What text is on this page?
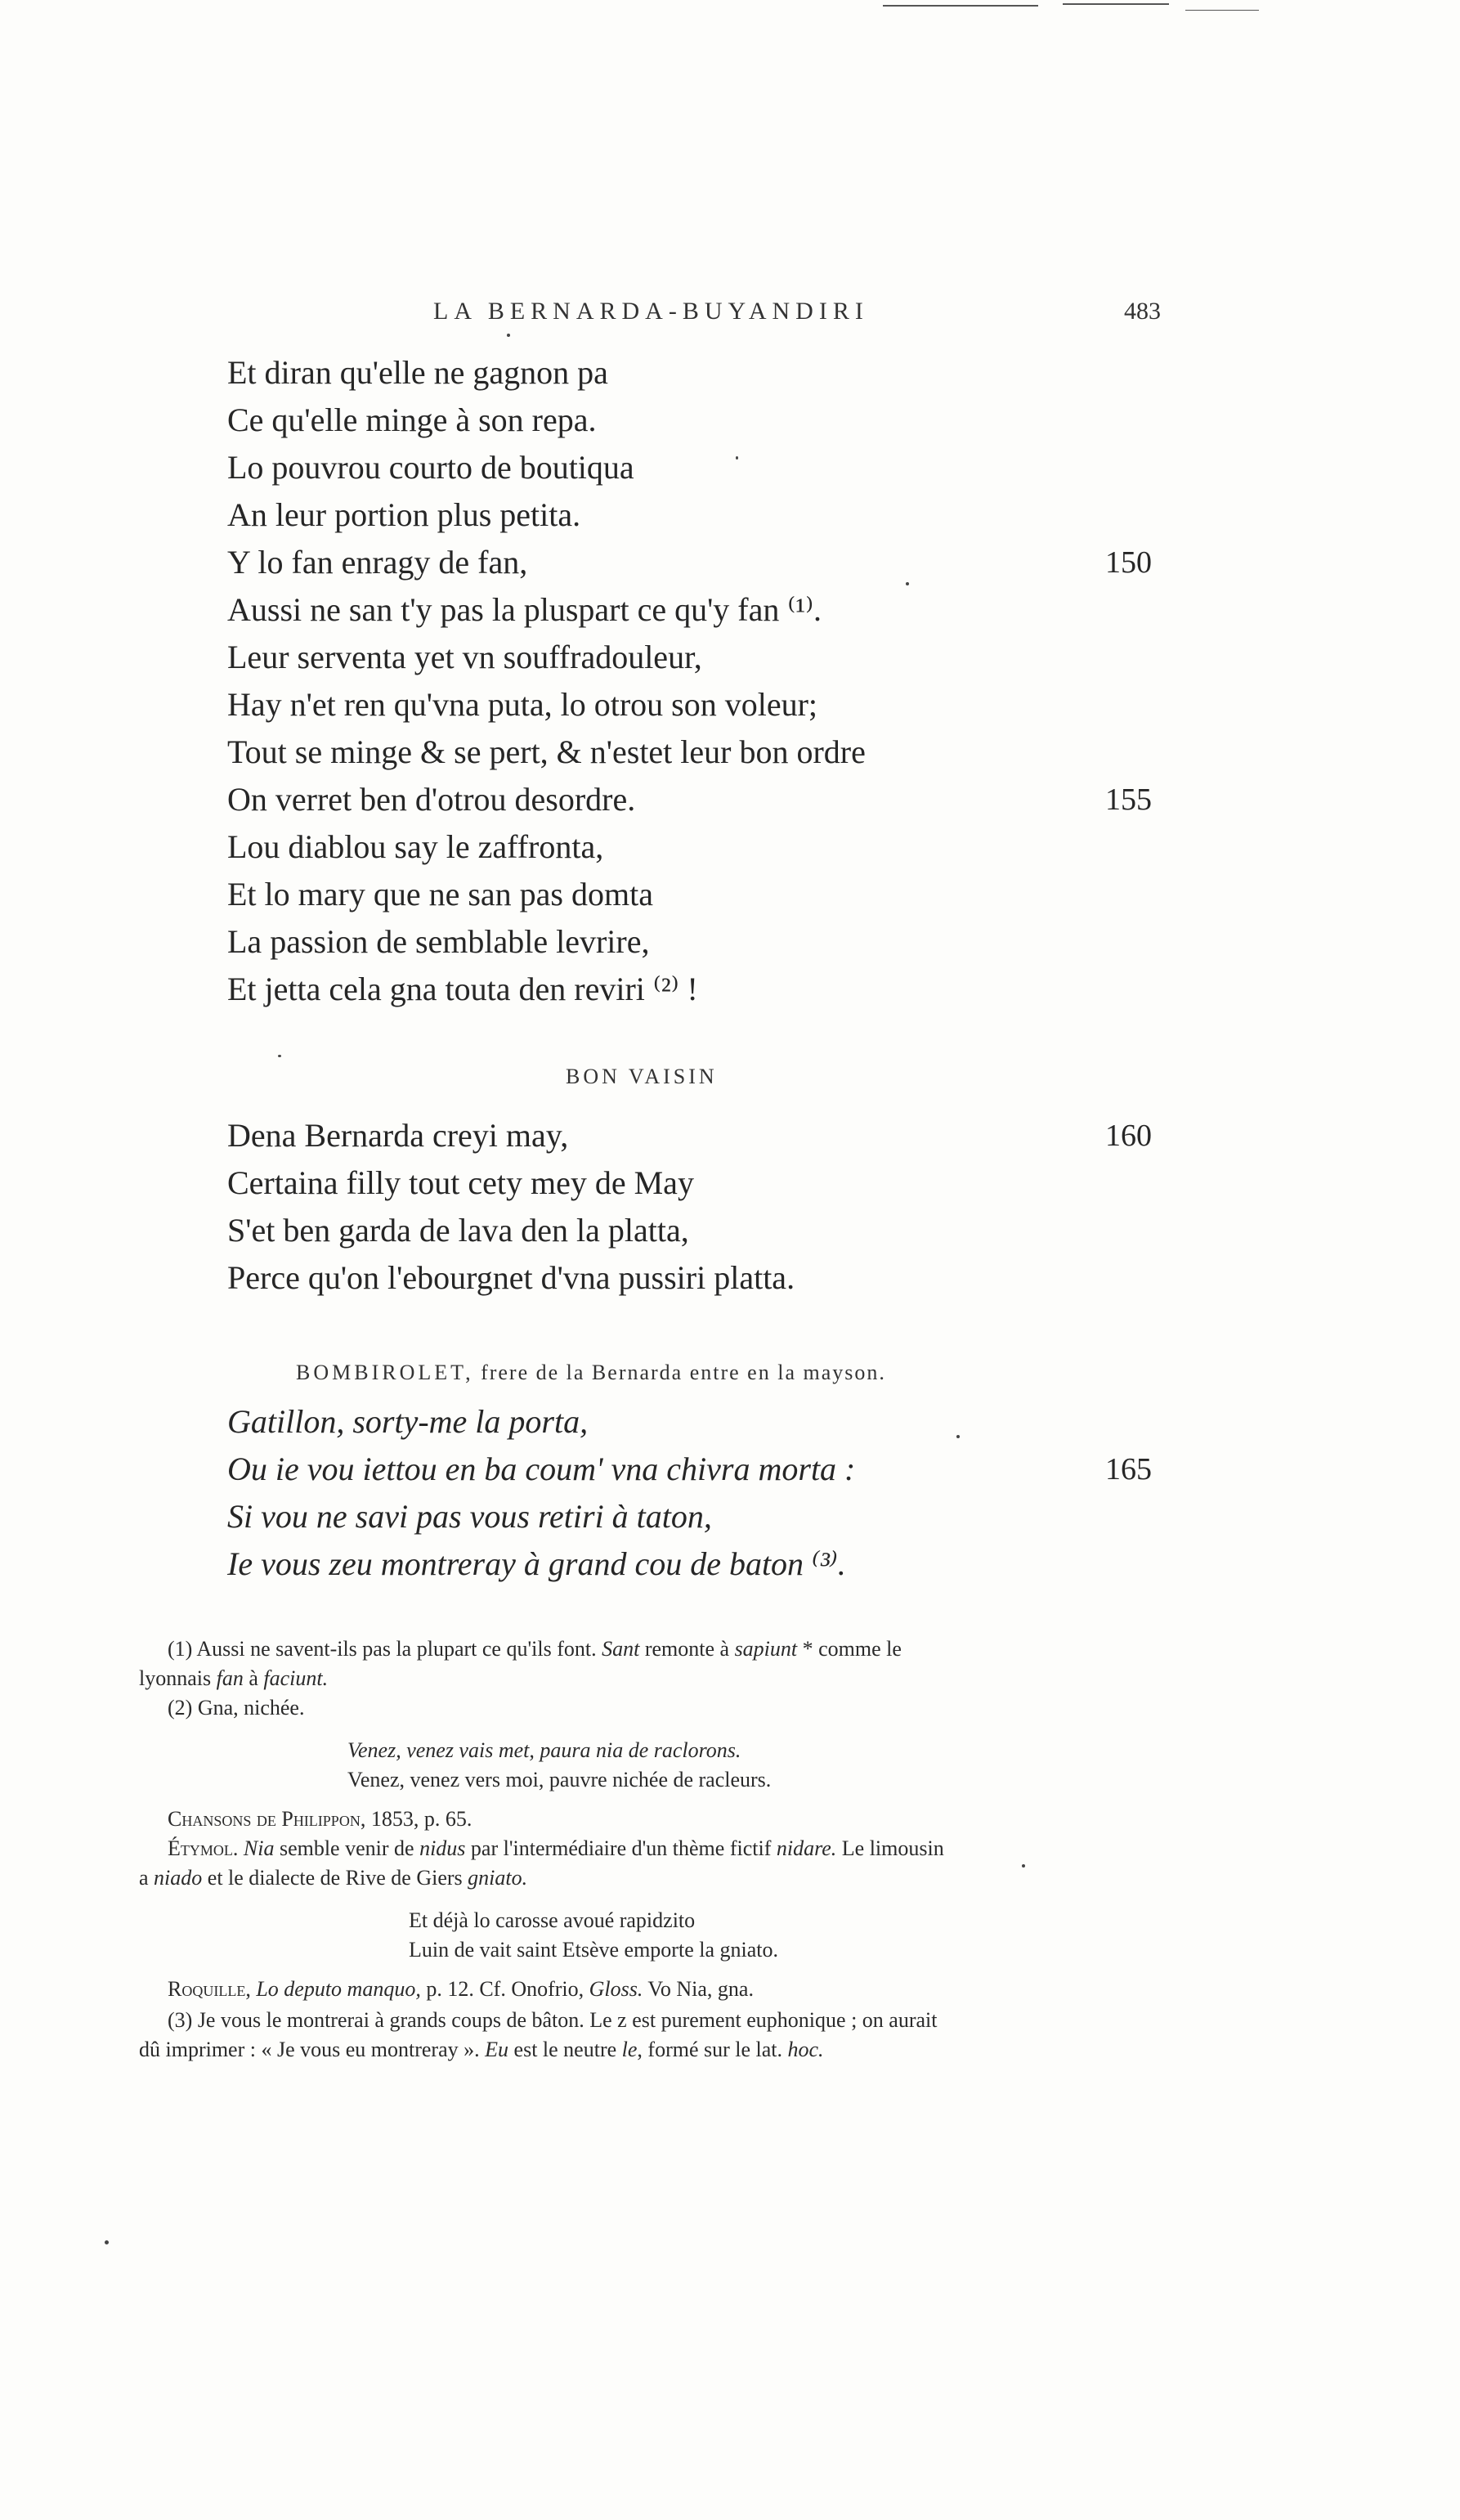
LA BERNARDA-BUYANDIRI	483
Et diran qu'elle ne gagnon pa
Ce qu'elle minge à son repa.
Lo pouvrou courto de boutiqua
An leur portion plus petita.
Y lo fan enragy de fan,	150
Aussi ne san t'y pas la pluspart ce qu'y fan ⁽¹⁾.
Leur serventa yet vn souffradouleur,
Hay n'et ren qu'vna puta, lo otrou son voleur;
Tout se minge & se pert, & n'estet leur bon ordre
On verret ben d'otrou desordre.	155
Lou diablou say le zaffronta,
Et lo mary que ne san pas domta
La passion de semblable levrire,
Et jetta cela gna touta den reviri ⁽²⁾ !
BON VAISIN
Dena Bernarda creyi may,	160
Certaina filly tout cety mey de May
S'et ben garda de lava den la platta,
Perce qu'on l'ebourgnet d'vna pussiri platta.
BOMBIROLET, frere de la Bernarda entre en la mayson.
Gatillon, sorty-me la porta,
Ou ie vou iettou en ba coum' vna chivra morta :	165
Si vou ne savi pas vous retiri à taton,
Ie vous zeu montreray à grand cou de baton ⁽³⁾.
(1) Aussi ne savent-ils pas la plupart ce qu'ils font. Sant remonte à sapiunt * comme le
lyonnais fan à faciunt.
(2) Gna, nichée.
Venez, venez vais met, paura nia de raclorons.
Venez, venez vers moi, pauvre nichée de racleurs.
Chansons de Philippon, 1853, p. 65.
Étymol. Nia semble venir de nidus par l'intermédiaire d'un thème fictif nidare. Le limousin
a niado et le dialecte de Rive de Giers gniato.
Et déjà lo carosse avoué rapidzito
Luin de vait saint Etsève emporte la gniato.
Roquille, Lo deputo manquo, p. 12. Cf. Onofrio, Gloss. Vo Nia, gna.
(3) Je vous le montrerai à grands coups de bâton. Le z est purement euphonique ; on aurait
dû imprimer : « Je vous eu montreray ». Eu est le neutre le, formé sur le lat. hoc.
